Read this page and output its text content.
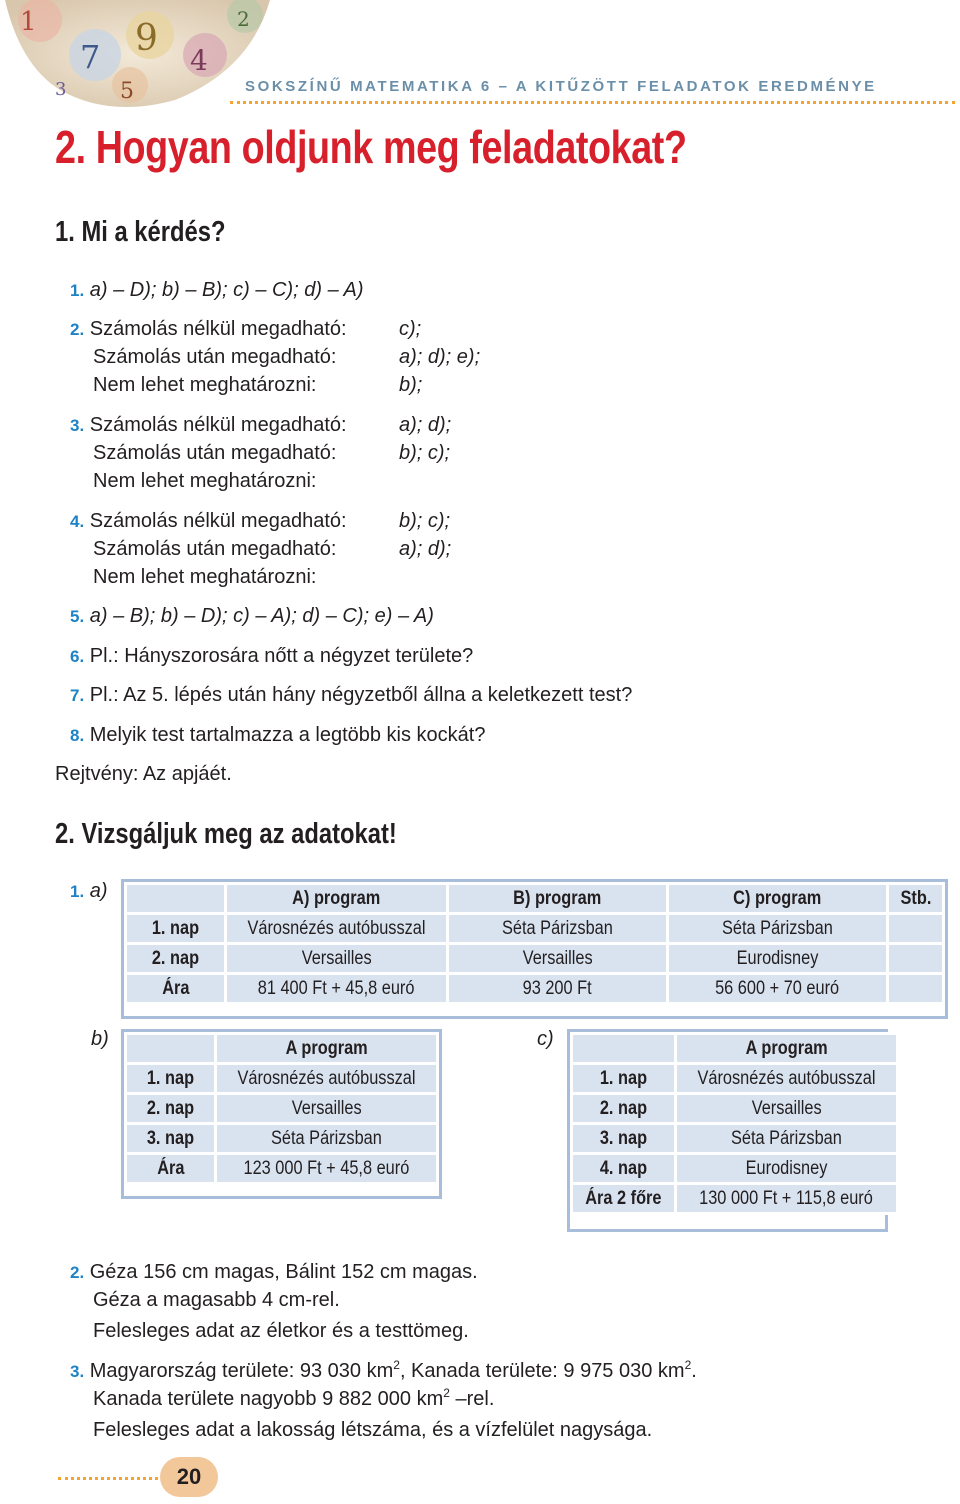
1
7 9
4
2
5
3	SOKSZÍNŰ MATEMATIKA 6 – A KITŰZÖTT FELADATOK EREDMÉNYE
2. Hogyan oldjunk meg feladatokat?
1. Mi a kérdés?
1. a) – D); b) – B); c) – C); d) – A)
2. Számolás nélkül megadható:	c);
Számolás után megadható:	a); d); e);
Nem lehet meghatározni:	b);
3. Számolás nélkül megadható:	a); d);
Számolás után megadható:	b); c);
Nem lehet meghatározni:
4. Számolás nélkül megadható:	b); c);
Számolás után megadható:	a); d);
Nem lehet meghatározni:
5. a) – B); b) – D); c) – A); d) – C); e) – A)
6. Pl.: Hányszorosára nőtt a négyzet területe?
7. Pl.: Az 5. lépés után hány négyzetből állna a keletkezett test?
8. Melyik test tartalmazza a legtöbb kis kockát?
Rejtvény: Az apjáét.
2. Vizsgáljuk meg az adatokat!
1. a)
		A) program	B) program	C) program	Stb.
1. nap	Városnézés autóbusszal	Séta Párizsban	Séta Párizsban	
2. nap	Versailles	Versailles	Eurodisney	
Ára	81 400 Ft + 45,8 euró	93 200 Ft	56 600 + 70 euró	
b)
		A program
1. nap	Városnézés autóbusszal
2. nap	Versailles
3. nap	Séta Párizsban
Ára	123 000 Ft + 45,8 euró
c)
		A program
1. nap	Városnézés autóbusszal
2. nap	Versailles
3. nap	Séta Párizsban
4. nap	Eurodisney
Ára 2 főre	130 000 Ft + 115,8 euró
2. Géza 156 cm magas, Bálint 152 cm magas.
Géza a magasabb 4 cm-rel.
Felesleges adat az életkor és a testtömeg.
3. Magyarország területe: 93 030 $km^2$, Kanada területe: 9 975 030 $km^2$.
Kanada területe nagyobb 9 882 000 $km^2$ –rel.
Felesleges adat a lakosság létszáma, és a vízfelület nagysága.
20
